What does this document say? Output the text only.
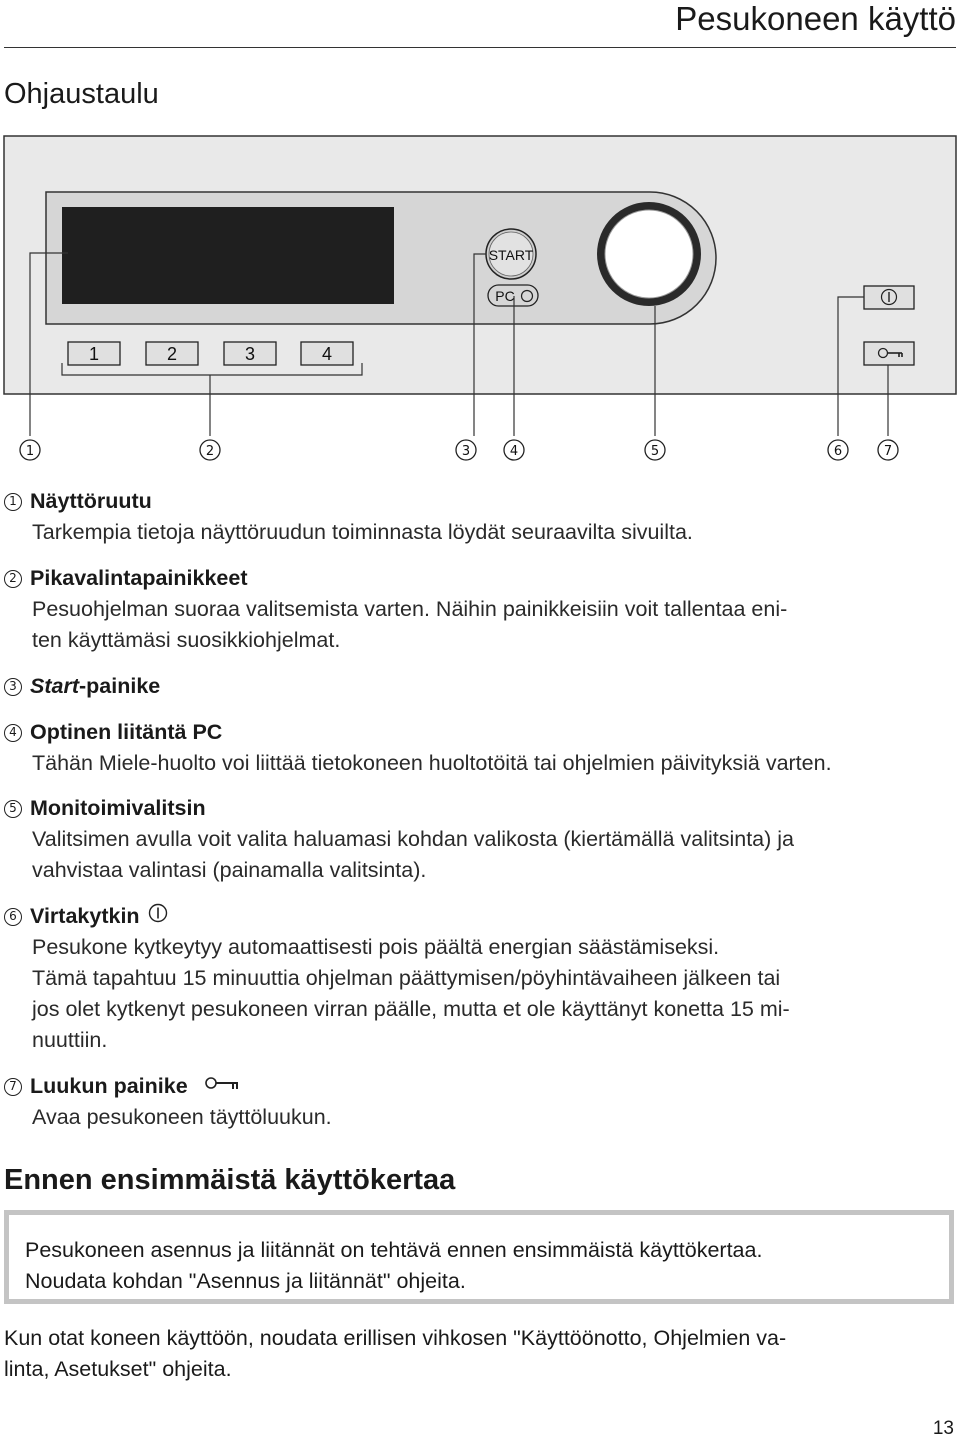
Pesukoneen käyttö
Ohjaustaulu
START
PC
1	2	3	4
1	2	3	4	5	6	7
1 Näyttöruutu
Tarkempia tietoja näyttöruudun toiminnasta löydät seuraavilta sivuilta.
2 Pikavalintapainikkeet
Pesuohjelman suoraa valitsemista varten. Näihin painikkeisiin voit tallentaa eni-
ten käyttämäsi suosikkiohjelmat.
3 Start -painike
4 Optinen liitäntä PC
Tähän Miele-huolto voi liittää tietokoneen huoltotöitä tai ohjelmien päivityksiä varten.
5 Monitoimivalitsin
Valitsimen avulla voit valita haluamasi kohdan valikosta (kiertämällä valitsinta) ja
vahvistaa valintasi (painamalla valitsinta).
6 Virtakytkin
Pesukone kytkeytyy automaattisesti pois päältä energian säästämiseksi.
Tämä tapahtuu 15 minuuttia ohjelman päättymisen/pöyhintävaiheen jälkeen tai
jos olet kytkenyt pesukoneen virran päälle, mutta et ole käyttänyt konetta 15 mi-
nuuttiin.
7 Luukun painike
Avaa pesukoneen täyttöluukun.
Ennen ensimmäistä käyttökertaa
Pesukoneen asennus ja liitännät on tehtävä ennen ensimmäistä käyttökertaa.
Noudata kohdan "Asennus ja liitännät" ohjeita.
Kun otat koneen käyttöön, noudata erillisen vihkosen "Käyttöönotto, Ohjelmien va-
linta, Asetukset" ohjeita.
13
